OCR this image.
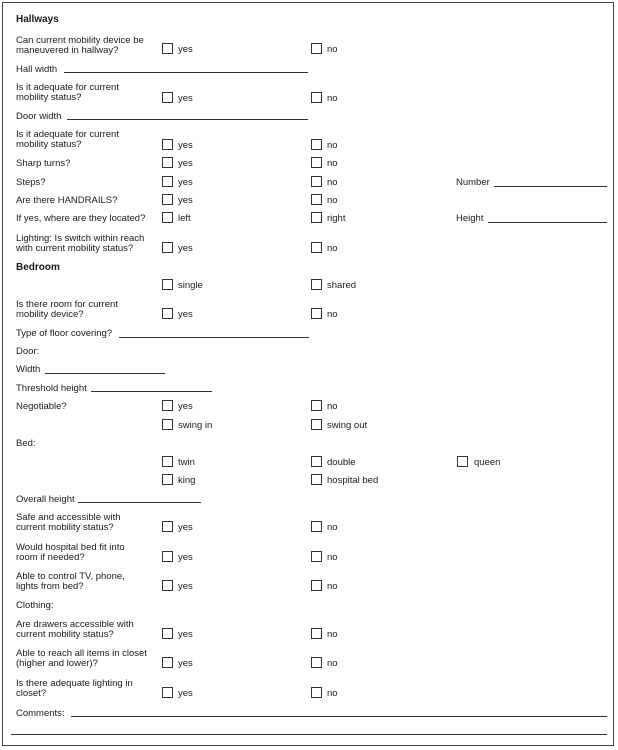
Hallways
Can current mobility device be
maneuvered in hallway?	yes	no
Hall width
Is it adequate for current
mobility status?	yes	no
Door width
Is it adequate for current
mobility status?	yes	no
Sharp turns?	yes	no
Steps?	yes	no	Number
Are there HANDRAILS?	yes	no
If yes, where are they located?	left	right	Height
Lighting: Is switch within reach
with current mobility status?	yes	no
Bedroom
single	shared
Is there room for current
mobility device?	yes	no
Type of floor covering?
Door:
Width
Threshold height
Negotiable?	yes	no
swing in	swing out
Bed:
twin	double	queen
king	hospital bed
Overall height
Safe and accessible with
current mobility status?	yes	no
Would hospital bed fit into
room if needed?	yes	no
Able to control TV, phone,
lights from bed?	yes	no
Clothing:
Are drawers accessible with
current mobility status?	yes	no
Able to reach all items in closet
(higher and lower)?	yes	no
Is there adequate lighting in
closet?	yes	no
Comments:
